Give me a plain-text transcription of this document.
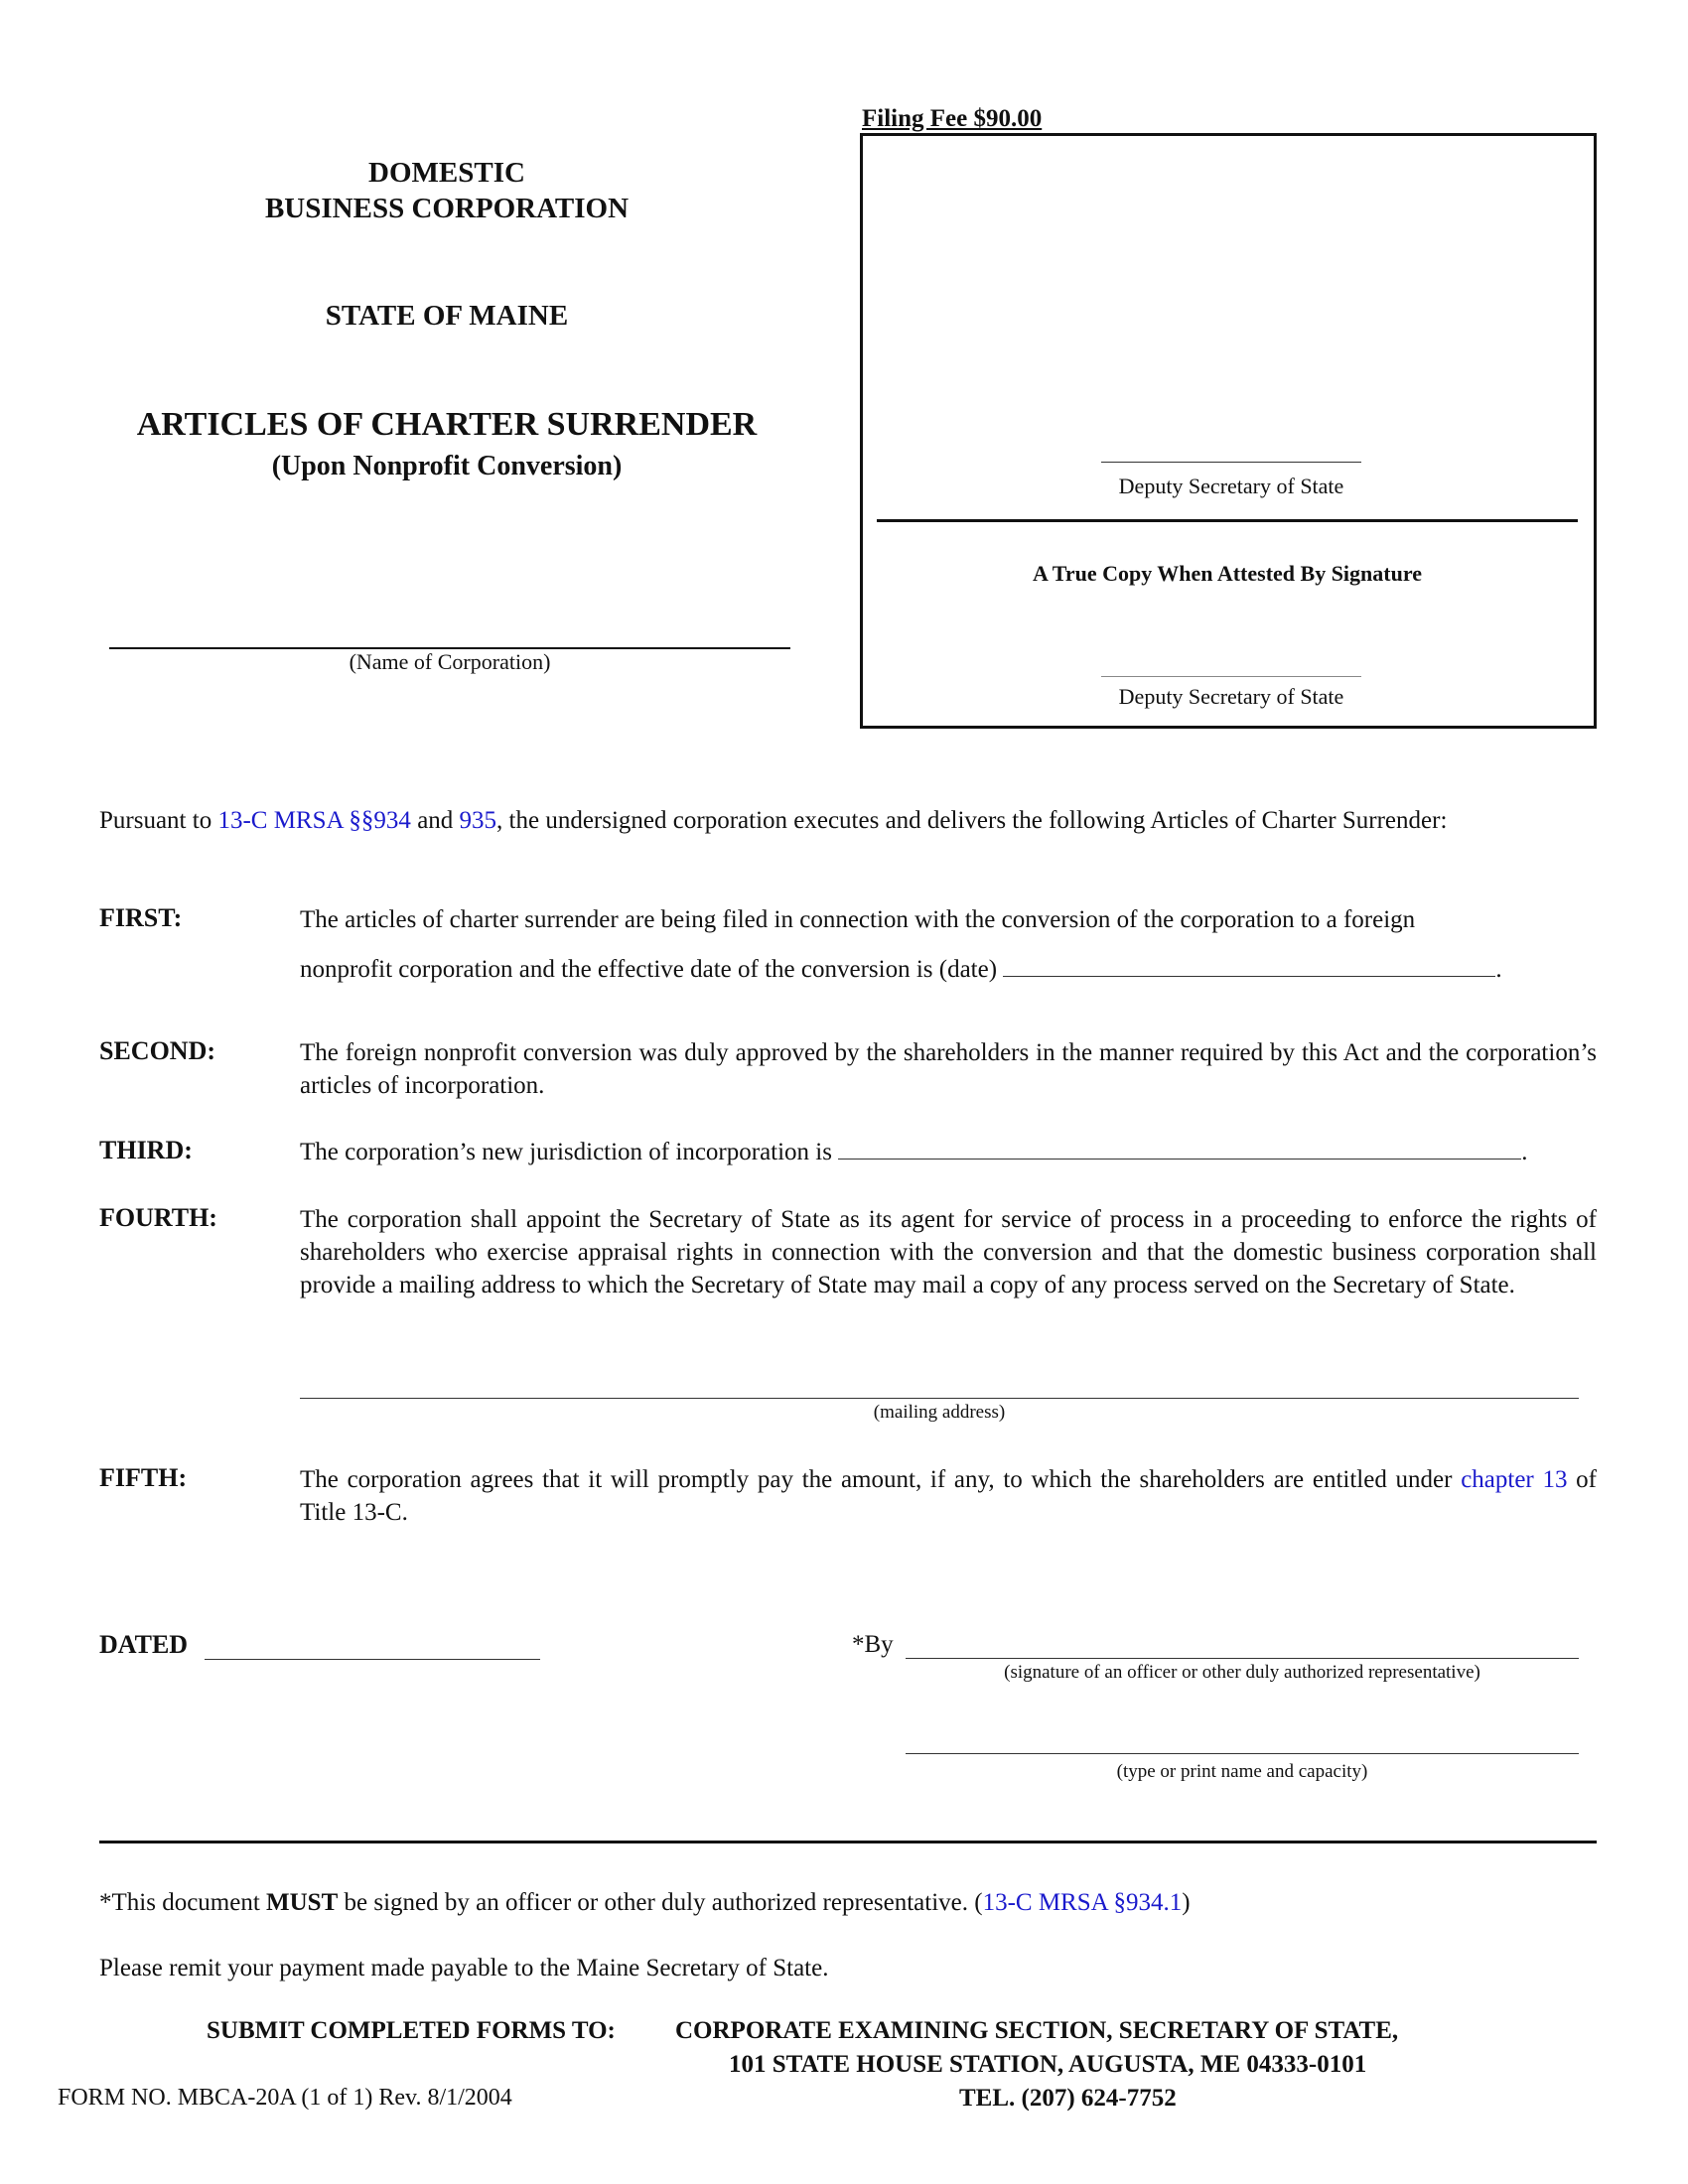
DOMESTIC
BUSINESS CORPORATION
STATE OF MAINE
ARTICLES OF CHARTER SURRENDER
(Upon Nonprofit Conversion)
(Name of Corporation)
Filing Fee $90.00
Deputy Secretary of State
A True Copy When Attested By Signature
Deputy Secretary of State
Pursuant to 13-C MRSA §§934 and 935, the undersigned corporation executes and delivers the following Articles of Charter Surrender:
FIRST:	The articles of charter surrender are being filed in connection with the conversion of the corporation to a foreign
nonprofit corporation and the effective date of the conversion is (date)	.
SECOND:	The foreign nonprofit conversion was duly approved by the shareholders in the manner required by this Act and the corporation’s articles of incorporation.
THIRD:	The corporation’s new jurisdiction of incorporation is	.
FOURTH:	The corporation shall appoint the Secretary of State as its agent for service of process in a proceeding to enforce the rights of shareholders who exercise appraisal rights in connection with the conversion and that the domestic business corporation shall provide a mailing address to which the Secretary of State may mail a copy of any process served on the Secretary of State.
(mailing address)
FIFTH:	The corporation agrees that it will promptly pay the amount, if any, to which the shareholders are entitled under chapter 13 of Title 13-C.
DATED	*By
(signature of an officer or other duly authorized representative)
(type or print name and capacity)
*This document MUST be signed by an officer or other duly authorized representative. (13-C MRSA §934.1)
Please remit your payment made payable to the Maine Secretary of State.
SUBMIT COMPLETED FORMS TO: CORPORATE EXAMINING SECTION, SECRETARY OF STATE,
101 STATE HOUSE STATION, AUGUSTA, ME 04333-0101
TEL. (207) 624-7752
FORM NO. MBCA-20A (1 of 1) Rev. 8/1/2004
